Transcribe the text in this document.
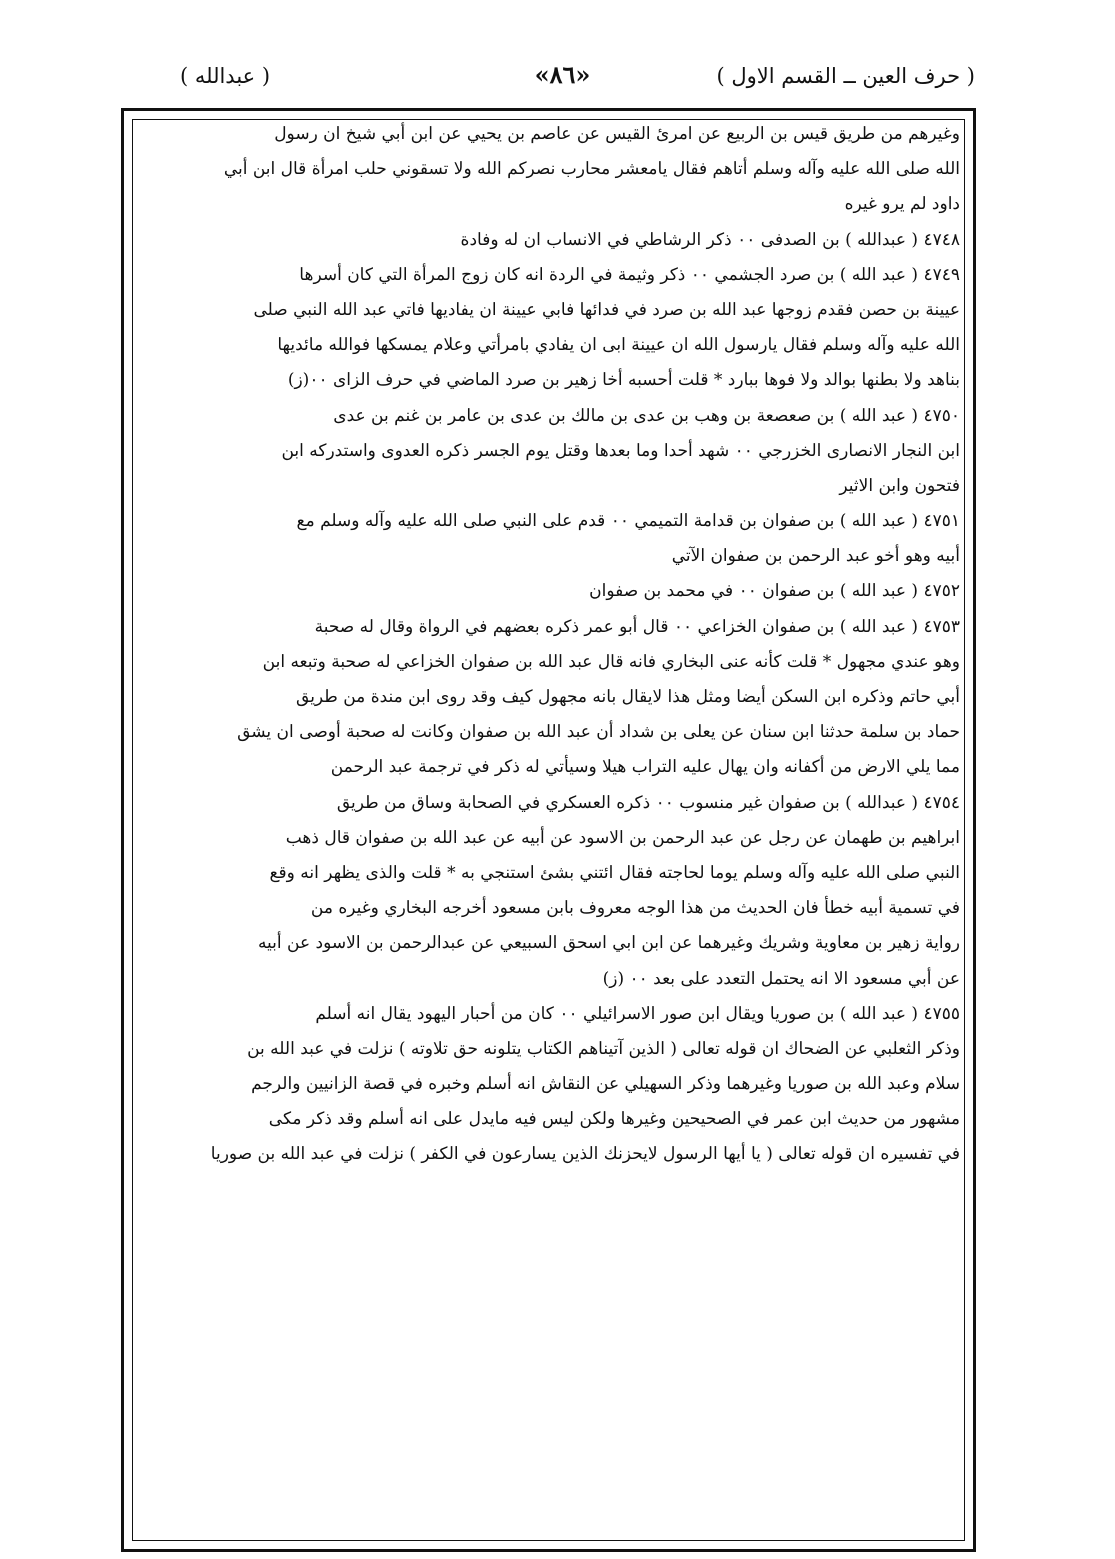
( حرف العين ــ القسم الاول )
«٨٦»
( عبدالله )
وغيرهم من طريق قيس بن الربيع عن امرئ القيس عن عاصم بن يحيي عن ابن أبي شيخ ان رسول
الله صلى الله عليه وآله وسلم أتاهم فقال يامعشر محارب نصركم الله ولا تسقوني حلب امرأة قال ابن أبي
داود لم يرو غيره
٤٧٤٨ ( عبدالله ) بن الصدفى ٠٠ ذكر الرشاطي في الانساب ان له وفادة
٤٧٤٩ ( عبد الله ) بن صرد الجشمي ٠٠ ذكر وثيمة في الردة انه كان زوج المرأة التي كان أسرها
عيينة بن حصن فقدم زوجها عبد الله بن صرد في فدائها فابي عيينة ان يفاديها فاتي عبد الله النبي صلى
الله عليه وآله وسلم فقال يارسول الله ان عيينة ابى ان يفادي بامرأتي وعلام يمسكها فوالله مائديها
بناهد ولا بطنها بوالد ولا فوها ببارد * قلت أحسبه أخا زهير بن صرد الماضي في حرف الزاى ٠٠(ز)
٤٧٥٠ ( عبد الله ) بن صعصعة بن وهب بن عدى بن مالك بن عدى بن عامر بن غنم بن عدى
ابن النجار الانصارى الخزرجي ٠٠ شهد أحدا وما بعدها وقتل يوم الجسر ذكره العدوى واستدركه ابن
فتحون وابن الاثير
٤٧٥١ ( عبد الله ) بن صفوان بن قدامة التميمي ٠٠ قدم على النبي صلى الله عليه وآله وسلم مع
أبيه وهو أخو عبد الرحمن بن صفوان الآتي
٤٧٥٢ ( عبد الله ) بن صفوان ٠٠ في محمد بن صفوان
٤٧٥٣ ( عبد الله ) بن صفوان الخزاعي ٠٠ قال أبو عمر ذكره بعضهم في الرواة وقال له صحبة
وهو عندي مجهول * قلت كأنه عنى البخاري فانه قال عبد الله بن صفوان الخزاعي له صحبة وتبعه ابن
أبي حاتم وذكره ابن السكن أيضا ومثل هذا لايقال بانه مجهول كيف وقد روى ابن مندة من طريق
حماد بن سلمة حدثنا ابن سنان عن يعلى بن شداد أن عبد الله بن صفوان وكانت له صحبة أوصى ان يشق
مما يلي الارض من أكفانه وان يهال عليه التراب هيلا وسيأتي له ذكر في ترجمة عبد الرحمن
٤٧٥٤ ( عبدالله ) بن صفوان غير منسوب ٠٠ ذكره العسكري في الصحابة وساق من طريق
ابراهيم بن طهمان عن رجل عن عبد الرحمن بن الاسود عن أبيه عن عبد الله بن صفوان قال ذهب
النبي صلى الله عليه وآله وسلم يوما لحاجته فقال ائتني بشئ استنجي به * قلت والذى يظهر انه وقع
في تسمية أبيه خطأ فان الحديث من هذا الوجه معروف بابن مسعود أخرجه البخاري وغيره من
رواية زهير بن معاوية وشريك وغيرهما عن ابن ابي اسحق السبيعي عن عبدالرحمن بن الاسود عن أبيه
عن أبي مسعود الا انه يحتمل التعدد على بعد ٠٠ (ز)
٤٧٥٥ ( عبد الله ) بن صوريا ويقال ابن صور الاسرائيلي ٠٠ كان من أحبار اليهود يقال انه أسلم
وذكر الثعلبي عن الضحاك ان قوله تعالى ( الذين آتيناهم الكتاب يتلونه حق تلاوته ) نزلت في عبد الله بن
سلام وعبد الله بن صوريا وغيرهما وذكر السهيلي عن النقاش انه أسلم وخبره في قصة الزانيين والرجم
مشهور من حديث ابن عمر في الصحيحين وغيرها ولكن ليس فيه مايدل على انه أسلم وقد ذكر مكى
في تفسيره ان قوله تعالى ( يا أيها الرسول لايحزنك الذين يسارعون في الكفر ) نزلت في عبد الله بن صوريا
